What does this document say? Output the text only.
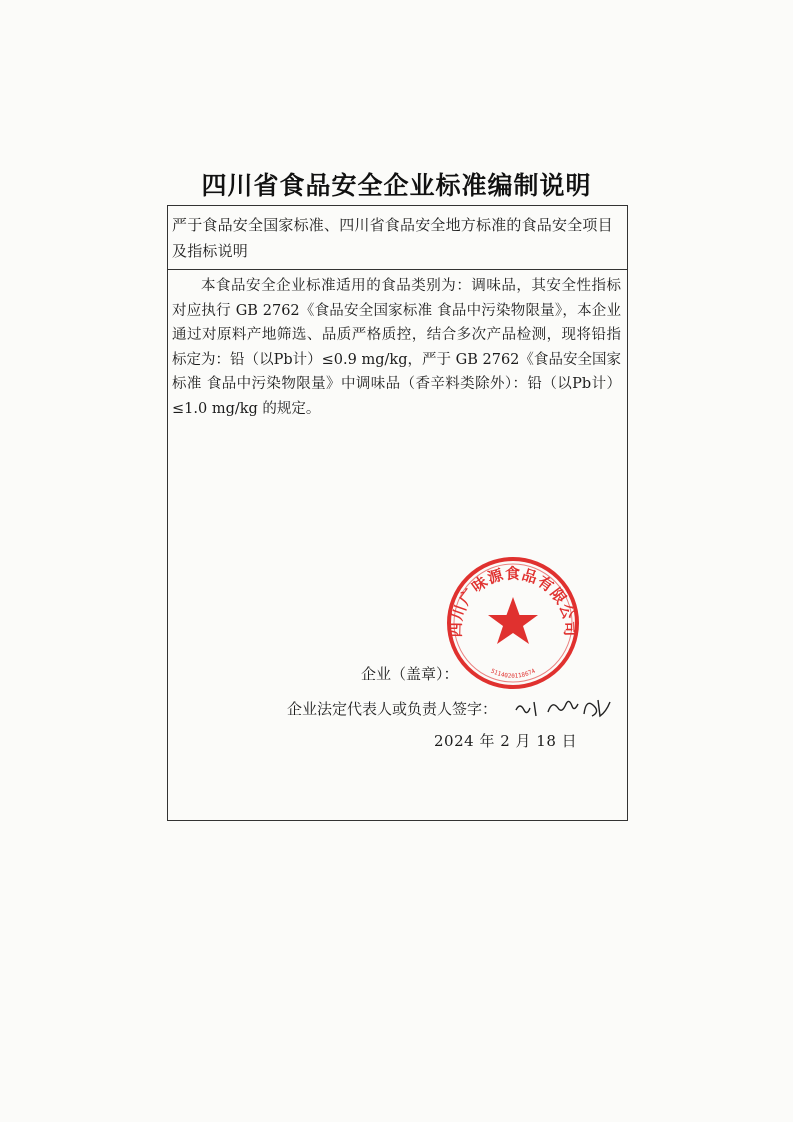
四川省食品安全企业标准编制说明
严于食品安全国家标准、四川省食品安全地方标准的食品安全项目及指标说明

本食品安全企业标准适用的食品类别为：调味品，其安全性指标对应执行 GB 2762《食品安全国家标准 食品中污染物限量》，本企业通过对原料产地筛选、品质严格质控，结合多次产品检测，现将铅指标定为：铅（以Pb计）≤0.9 mg/kg，严于 GB 2762《食品安全国家标准 食品中污染物限量》中调味品（香辛料类除外）：铅（以Pb计）≤1.0 mg/kg 的规定。

四川广味源食品有限公司
5114020118674
企业（盖章）：
企业法定代表人或负责人签字：
2024 年 2 月 18 日
